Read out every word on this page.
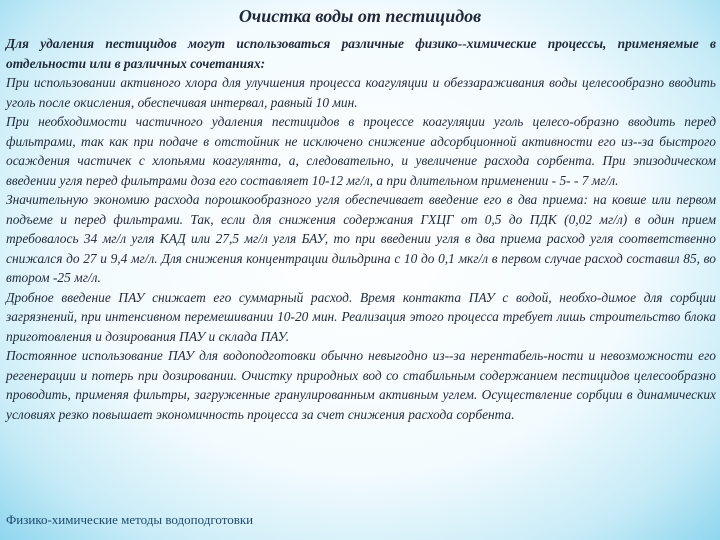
Очистка воды от пестицидов

Для удаления пестицидов могут использоваться различные физико--химические процессы, применяемые в отдельности или в различных сочетаниях:

При использовании активного хлора для улучшения процесса коагуляции и обеззараживания воды целесообразно вводить уголь после окисления, обеспечивая интервал, равный 10 мин.

При необходимости частичного удаления пестицидов в процессе коагуляции уголь целесо-образно вводить перед фильтрами, так как при подаче в отстойник не исключено снижение адсорбционной активности его из--за быстрого осаждения частичек с хлопьями коагулянта, а, следовательно, и увеличение расхода сорбента. При эпизодическом введении угля перед фильтрами доза его составляет 10-12 мг/л, а при длительном применении - 5- - 7 мг/л.

Значительную экономию расхода порошкообразного угля обеспечивает введение его в два приема: на ковше или первом подъеме и перед фильтрами. Так, если для снижения содержания ГХЦГ от 0,5 до ПДК (0,02 мг/л) в один прием требовалось 34 мг/л угля КАД или 27,5 мг/л угля БАУ, то при введении угля в два приема расход угля соответственно снижался до 27 и 9,4 мг/л. Для снижения концентрации дильдрина с 10 до 0,1 мкг/л в первом случае расход составил 85, во втором -25 мг/л.

Дробное введение ПАУ снижает его суммарный расход. Время контакта ПАУ с водой, необхо-димое для сорбции загрязнений, при интенсивном перемешивании 10-20 мин. Реализация этого процесса требует лишь строительство блока приготовления и дозирования ПАУ и склада ПАУ.

Постоянное использование ПАУ для водоподготовки обычно невыгодно из--за нерентабель-ности и невозможности его регенерации и потерь при дозировании. Очистку природных вод со стабильным содержанием пестицидов целесообразно проводить, применяя фильтры, загруженные гранулированным активным углем. Осуществление сорбции в динамических условиях резко повышает экономичность процесса за счет снижения расхода сорбента.

Физико-химические методы водоподготовки
